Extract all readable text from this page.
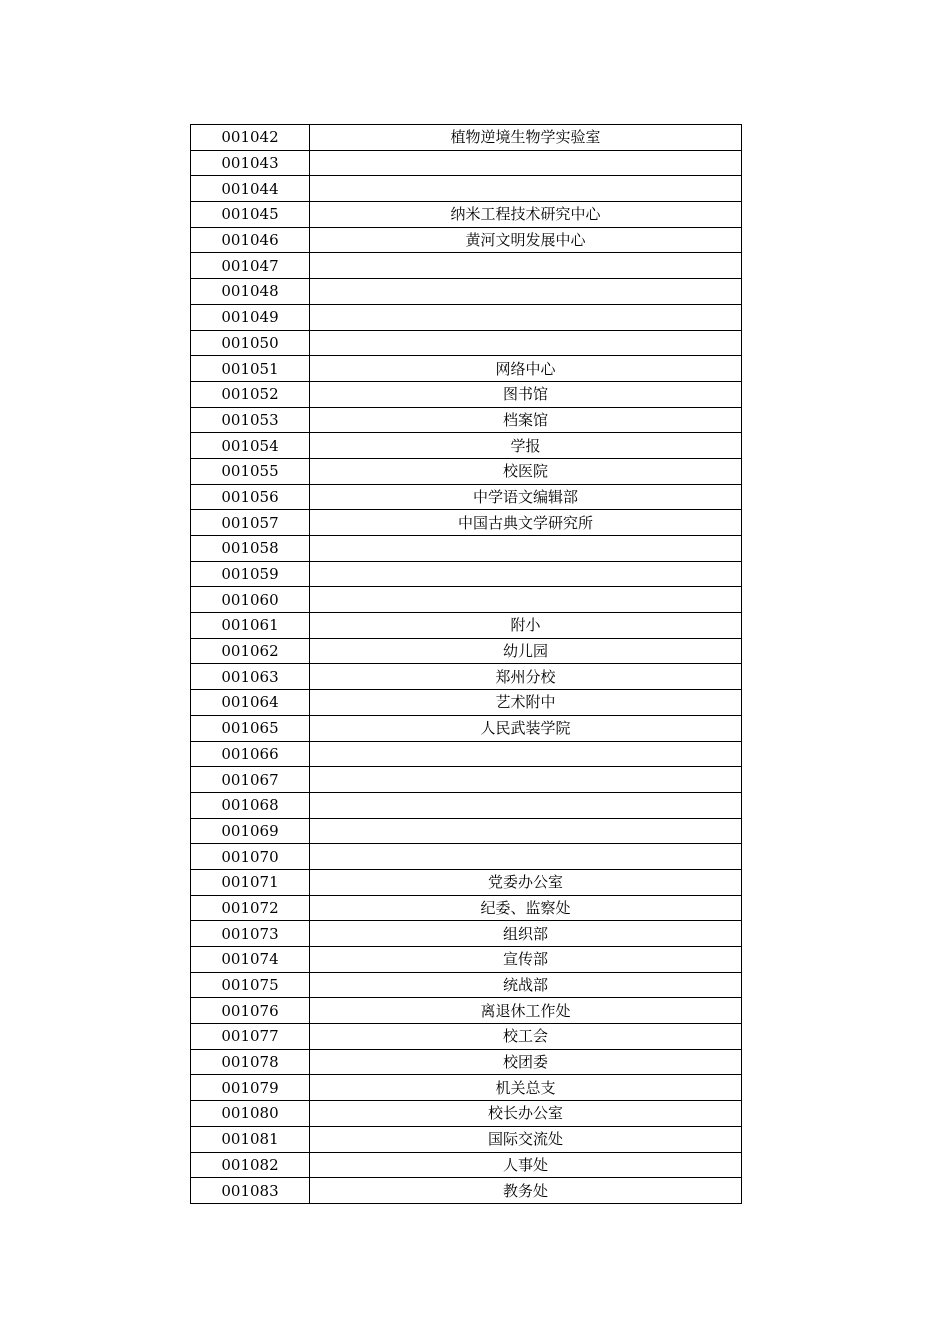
001042	植物逆境生物学实验室
001043	
001044	
001045	纳米工程技术研究中心
001046	黄河文明发展中心
001047	
001048	
001049	
001050	
001051	网络中心
001052	图书馆
001053	档案馆
001054	学报
001055	校医院
001056	中学语文编辑部
001057	中国古典文学研究所
001058	
001059	
001060	
001061	附小
001062	幼儿园
001063	郑州分校
001064	艺术附中
001065	人民武装学院
001066	
001067	
001068	
001069	
001070	
001071	党委办公室
001072	纪委、监察处
001073	组织部
001074	宣传部
001075	统战部
001076	离退休工作处
001077	校工会
001078	校团委
001079	机关总支
001080	校长办公室
001081	国际交流处
001082	人事处
001083	教务处
